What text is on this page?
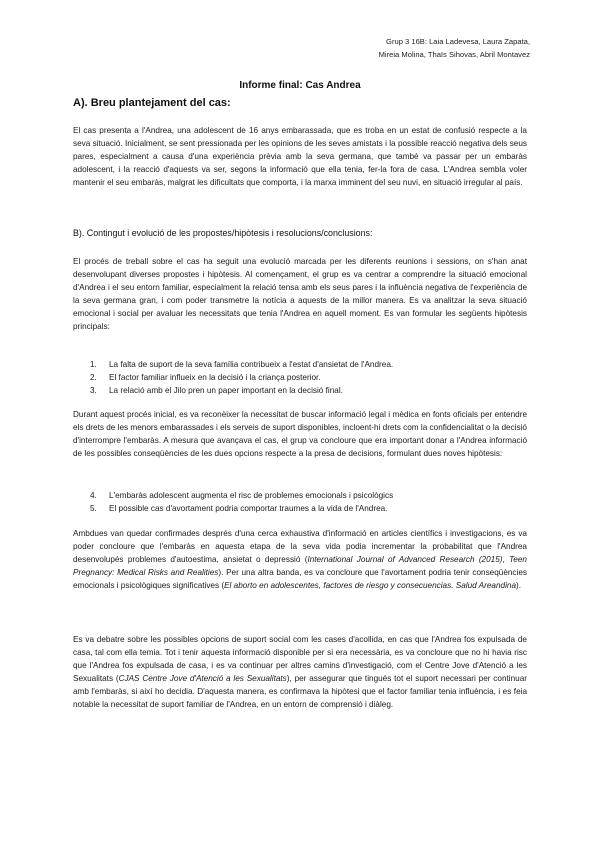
Grup 3 16B: Laia Ladevesa, Laura Zapata,
Mireia Molina, Thaïs Sihovas, Abril Montavez
Informe final: Cas Andrea
A). Breu plantejament del cas:

El cas presenta a l'Andrea, una adolescent de 16 anys embarassada, que es troba en un estat de confusió respecte a la seva situació. Inicialment, se sent pressionada per les opinions de les seves amistats i la possible reacció negativa dels seus pares, especialment a causa d'una experiència prèvia amb la seva germana, que també va passar per un embaràs adolescent, i la reacció d'aquests va ser, segons la informació que ella tenia, fer-la fora de casa. L'Andrea sembla voler mantenir el seu embaràs, malgrat les dificultats que comporta, i la marxa imminent del seu nuvi, en situació irregular al país.

B). Contingut i evolució de les propostes/hipòtesis i resolucions/conclusions:

El procés de treball sobre el cas ha seguit una evolució marcada per les diferents reunions i sessions, on s'han anat desenvolupant diverses propostes i hipòtesis. Al començament, el grup es va centrar a comprendre la situació emocional d'Andrea i el seu entorn familiar, especialment la relació tensa amb els seus pares i la influència negativa de l'experiència de la seva germana gran, i com poder transmetre la notícia a aquests de la millor manera. Es va analitzar la seva situació emocional i social per avaluar les necessitats que tenia l'Andrea en aquell moment. Es van formular les següents hipòtesis principals:

1. La falta de suport de la seva família contribueix a l'estat d'ansietat de l'Andrea.
2. El factor familiar influeix en la decisió i la criança posterior.
3. La relació amb el Jilo pren un paper important en la decisió final.

Durant aquest procés inicial, es va reconèixer la necessitat de buscar informació legal i mèdica en fonts oficials per entendre els drets de les menors embarassades i els serveis de suport disponibles, incloent-hi drets com la confidencialitat o la decisió d'interrompre l'embaràs. A mesura que avançava el cas, el grup va concloure que era important donar a l'Andrea informació de les possibles conseqüències de les dues opcions respecte a la presa de decisions, formulant dues noves hipòtesis:

4. L'embaràs adolescent augmenta el risc de problemes emocionals i psicològics
5. El possible cas d'avortament podria comportar traumes a la vida de l'Andrea.

Ambdues van quedar confirmades després d'una cerca exhaustiva d'informació en articles científics i investigacions, es va poder concloure que l'embaràs en aquesta etapa de la seva vida podia incrementar la probabilitat que l'Andrea desenvolupés problemes d'autoestima, ansietat o depressió (International Journal of Advanced Research (2015), Teen Pregnancy: Medical Risks and Realities). Per una altra banda, es va concloure que l'avortament podria tenir conseqüències emocionals i psicològiques significatives (El aborto en adolescentes, factores de riesgo y consecuencias. Salud Areandina).

Es va debatre sobre les possibles opcions de suport social com les cases d'acollida, en cas que l'Andrea fos expulsada de casa, tal com ella temia. Tot i tenir aquesta informació disponible per si era necessària, es va concloure que no hi havia risc que l'Andrea fos expulsada de casa, i es va continuar per altres camins d'investigació, com el Centre Jove d'Atenció a les Sexualitats (CJAS Centre Jove d'Atenció a les Sexualitats), per assegurar que tingués tot el suport necessari per continuar amb l'embaràs, si així ho decidia. D'aquesta manera, es confirmava la hipòtesi que el factor familiar tenia influència, i es feia notable la necessitat de suport familiar de l'Andrea, en un entorn de comprensió i diàleg.
